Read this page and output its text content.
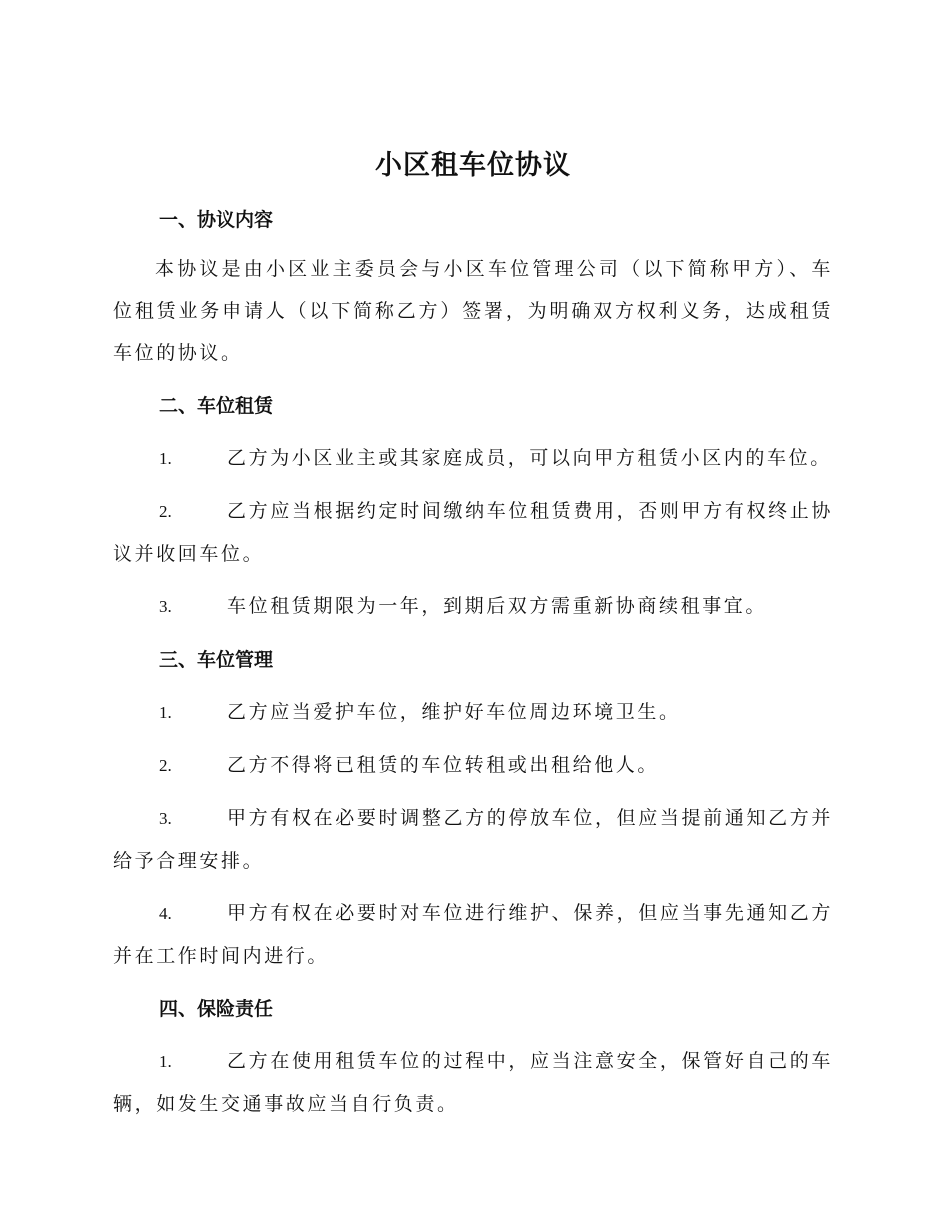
小区租车位协议
一、协议内容

本协议是由小区业主委员会与小区车位管理公司（以下简称甲方）、车位租赁业务申请人（以下简称乙方）签署，为明确双方权利义务，达成租赁车位的协议。

二、车位租赁

1.	乙方为小区业主或其家庭成员，可以向甲方租赁小区内的车位。

2.	乙方应当根据约定时间缴纳车位租赁费用，否则甲方有权终止协议并收回车位。

3.	车位租赁期限为一年，到期后双方需重新协商续租事宜。

三、车位管理

1.	乙方应当爱护车位，维护好车位周边环境卫生。

2.	乙方不得将已租赁的车位转租或出租给他人。

3.	甲方有权在必要时调整乙方的停放车位，但应当提前通知乙方并给予合理安排。

4.	甲方有权在必要时对车位进行维护、保养，但应当事先通知乙方并在工作时间内进行。

四、保险责任

1.	乙方在使用租赁车位的过程中，应当注意安全，保管好自己的车辆，如发生交通事故应当自行负责。
